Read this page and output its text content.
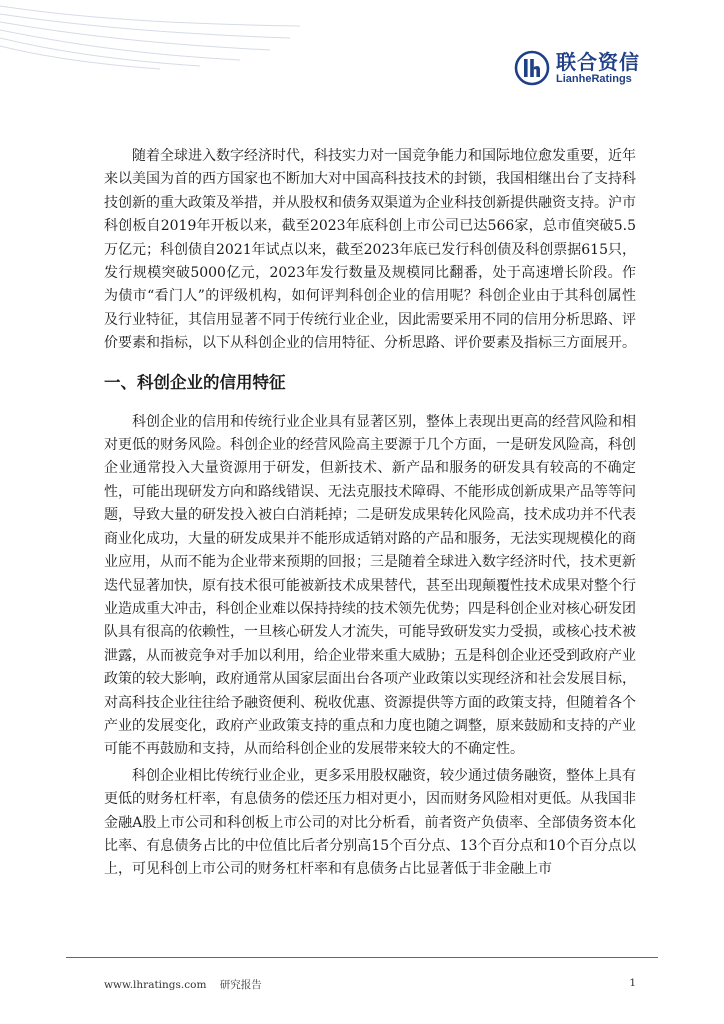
联合资信
LianheRatings

随着全球进入数字经济时代，科技实力对一国竞争能力和国际地位愈发重要，近年来以美国为首的西方国家也不断加大对中国高科技技术的封锁，我国相继出台了支持科技创新的重大政策及举措，并从股权和债务双渠道为企业科技创新提供融资支持。沪市科创板自2019年开板以来，截至2023年底科创上市公司已达566家，总市值突破5.5万亿元；科创债自2021年试点以来，截至2023年底已发行科创债及科创票据615只，发行规模突破5000亿元，2023年发行数量及规模同比翻番，处于高速增长阶段。作为债市“看门人”的评级机构，如何评判科创企业的信用呢？科创企业由于其科创属性及行业特征，其信用显著不同于传统行业企业，因此需要采用不同的信用分析思路、评价要素和指标，以下从科创企业的信用特征、分析思路、评价要素及指标三方面展开。

一、科创企业的信用特征

科创企业的信用和传统行业企业具有显著区别，整体上表现出更高的经营风险和相对更低的财务风险。科创企业的经营风险高主要源于几个方面，一是研发风险高，科创企业通常投入大量资源用于研发，但新技术、新产品和服务的研发具有较高的不确定性，可能出现研发方向和路线错误、无法克服技术障碍、不能形成创新成果产品等等问题，导致大量的研发投入被白白消耗掉；二是研发成果转化风险高，技术成功并不代表商业化成功，大量的研发成果并不能形成适销对路的产品和服务，无法实现规模化的商业应用，从而不能为企业带来预期的回报；三是随着全球进入数字经济时代，技术更新迭代显著加快，原有技术很可能被新技术成果替代，甚至出现颠覆性技术成果对整个行业造成重大冲击，科创企业难以保持持续的技术领先优势；四是科创企业对核心研发团队具有很高的依赖性，一旦核心研发人才流失，可能导致研发实力受损，或核心技术被泄露，从而被竞争对手加以利用，给企业带来重大威胁；五是科创企业还受到政府产业政策的较大影响，政府通常从国家层面出台各项产业政策以实现经济和社会发展目标，对高科技企业往往给予融资便利、税收优惠、资源提供等方面的政策支持，但随着各个产业的发展变化，政府产业政策支持的重点和力度也随之调整，原来鼓励和支持的产业可能不再鼓励和支持，从而给科创企业的发展带来较大的不确定性。

科创企业相比传统行业企业，更多采用股权融资，较少通过债务融资，整体上具有更低的财务杠杆率，有息债务的偿还压力相对更小，因而财务风险相对更低。从我国非金融A股上市公司和科创板上市公司的对比分析看，前者资产负债率、全部债务资本化比率、有息债务占比的中位值比后者分别高15个百分点、13个百分点和10个百分点以上，可见科创上市公司的财务杠杆率和有息债务占比显著低于非金融上市

www.lhratings.com 研究报告	1
